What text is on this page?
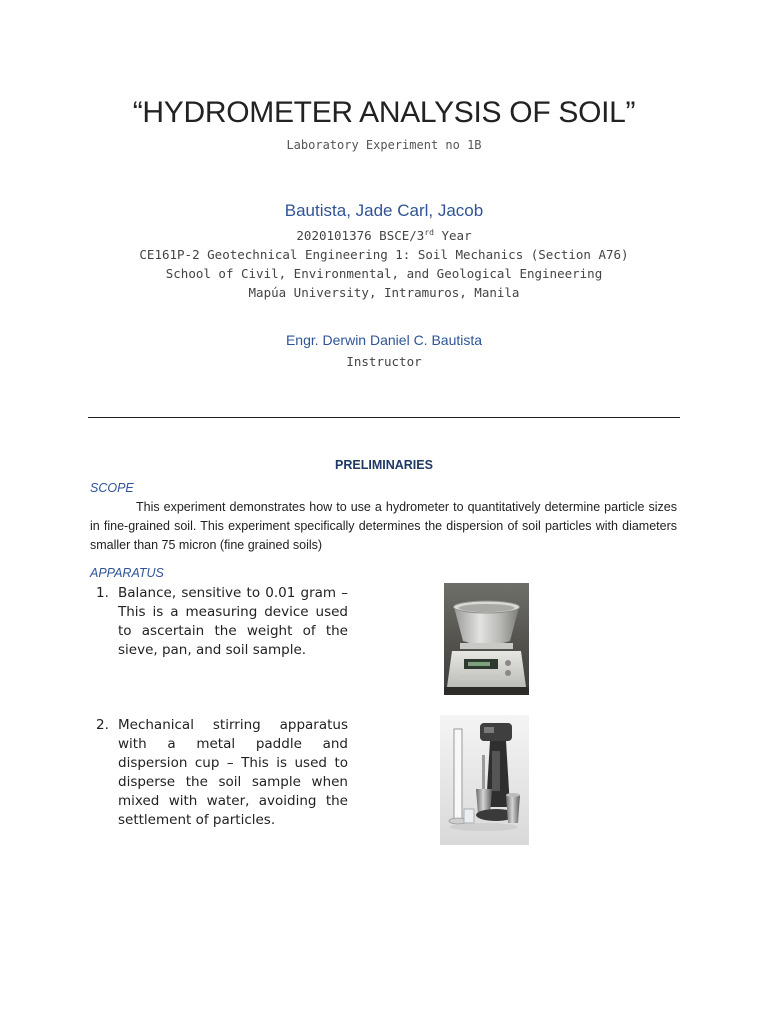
“HYDROMETER ANALYSIS OF SOIL”
Laboratory Experiment no 1B
Bautista, Jade Carl, Jacob
2020101376 BSCE/3rd Year
CE161P-2 Geotechnical Engineering 1: Soil Mechanics (Section A76)
School of Civil, Environmental, and Geological Engineering
Mapúa University, Intramuros, Manila
Engr. Derwin Daniel C. Bautista
Instructor
PRELIMINARIES
SCOPE
This experiment demonstrates how to use a hydrometer to quantitatively determine particle sizes in fine-grained soil. This experiment specifically determines the dispersion of soil particles with diameters smaller than 75 micron (fine grained soils)
APPARATUS
1. Balance, sensitive to 0.01 gram – This is a measuring device used to ascertain the weight of the sieve, pan, and soil sample.
2. Mechanical stirring apparatus with a metal paddle and dispersion cup – This is used to disperse the soil sample when mixed with water, avoiding the settlement of particles.
